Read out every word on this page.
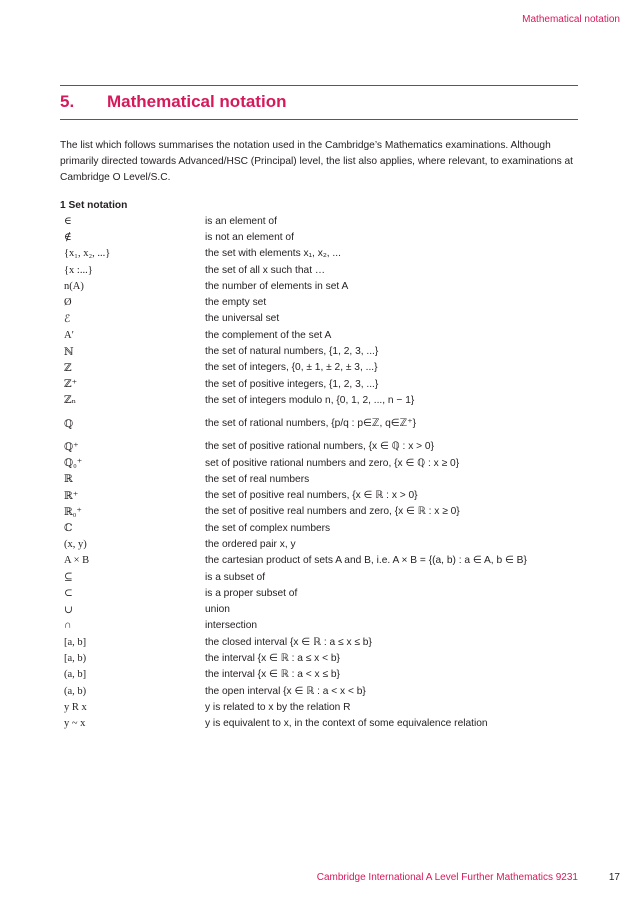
Mathematical notation
5. Mathematical notation

The list which follows summarises the notation used in the Cambridge’s Mathematics examinations. Although primarily directed towards Advanced/HSC (Principal) level, the list also applies, where relevant, to examinations at Cambridge O Level/S.C.

1 Set notation
∈	is an element of
∉	is not an element of
{x₁, x₂, ...}	the set with elements x₁, x₂, ...
{x :...}	the set of all x such that …
n(A)	the number of elements in set A
Ø	the empty set
ℰ	the universal set
A′	the complement of the set A
ℕ	the set of natural numbers, {1, 2, 3, ...}
ℤ	the set of integers, {0, ± 1, ± 2, ± 3, ...}
ℤ⁺	the set of positive integers, {1, 2, 3, ...}
ℤₙ	the set of integers modulo n, {0, 1, 2, ..., n − 1}
ℚ	the set of rational numbers, {p/q : p∈ℤ, q∈ℤ⁺}
ℚ⁺	the set of positive rational numbers, {x ∈ ℚ : x > 0}
ℚ₀⁺	set of positive rational numbers and zero, {x ∈ ℚ : x ≥ 0}
ℝ	the set of real numbers
ℝ⁺	the set of positive real numbers, {x ∈ ℝ : x > 0}
ℝ₀⁺	the set of positive real numbers and zero, {x ∈ ℝ : x ≥ 0}
ℂ	the set of complex numbers
(x, y)	the ordered pair x, y
A × B	the cartesian product of sets A and B, i.e. A × B = {(a, b) : a ∈ A, b ∈ B}
⊆	is a subset of
⊂	is a proper subset of
∪	union
∩	intersection
[a, b]	the closed interval {x ∈ ℝ : a ≤ x ≤ b}
[a, b)	the interval {x ∈ ℝ : a ≤ x < b}
(a, b]	the interval {x ∈ ℝ : a < x ≤ b}
(a, b)	the open interval {x ∈ ℝ : a < x < b}
y R x	y is related to x by the relation R
y ~ x	y is equivalent to x, in the context of some equivalence relation
Cambridge International A Level Further Mathematics 9231	17
